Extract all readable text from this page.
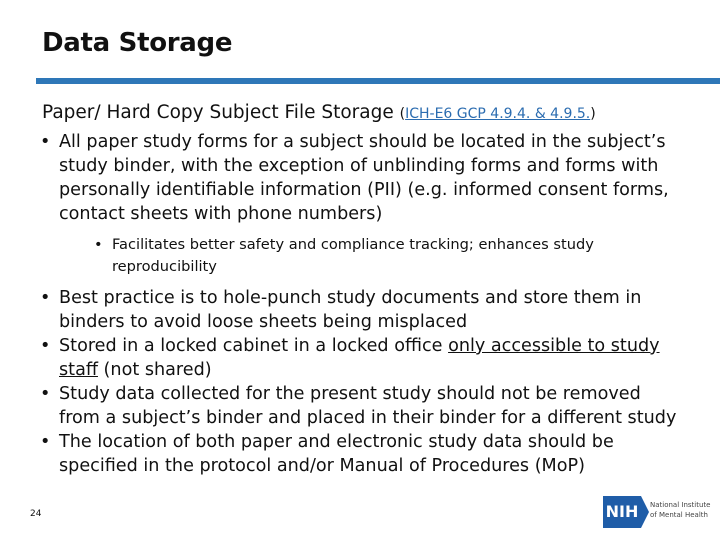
Data Storage
Paper/ Hard Copy Subject File Storage (ICH-E6 GCP 4.9.4. & 4.9.5.)
• All paper study forms for a subject should be located in the subject’s study binder, with the exception of unblinding forms and forms with personally identifiable information (PII) (e.g. informed consent forms, contact sheets with phone numbers)
• Facilitates better safety and compliance tracking; enhances study reproducibility
• Best practice is to hole-punch study documents and store them in binders to avoid loose sheets being misplaced
• Stored in a locked cabinet in a locked office only accessible to study staff (not shared)
• Study data collected for the present study should not be removed from a subject’s binder and placed in their binder for a different study
• The location of both paper and electronic study data should be specified in the protocol and/or Manual of Procedures (MoP)
24	NIH	National Institute
of Mental Health
